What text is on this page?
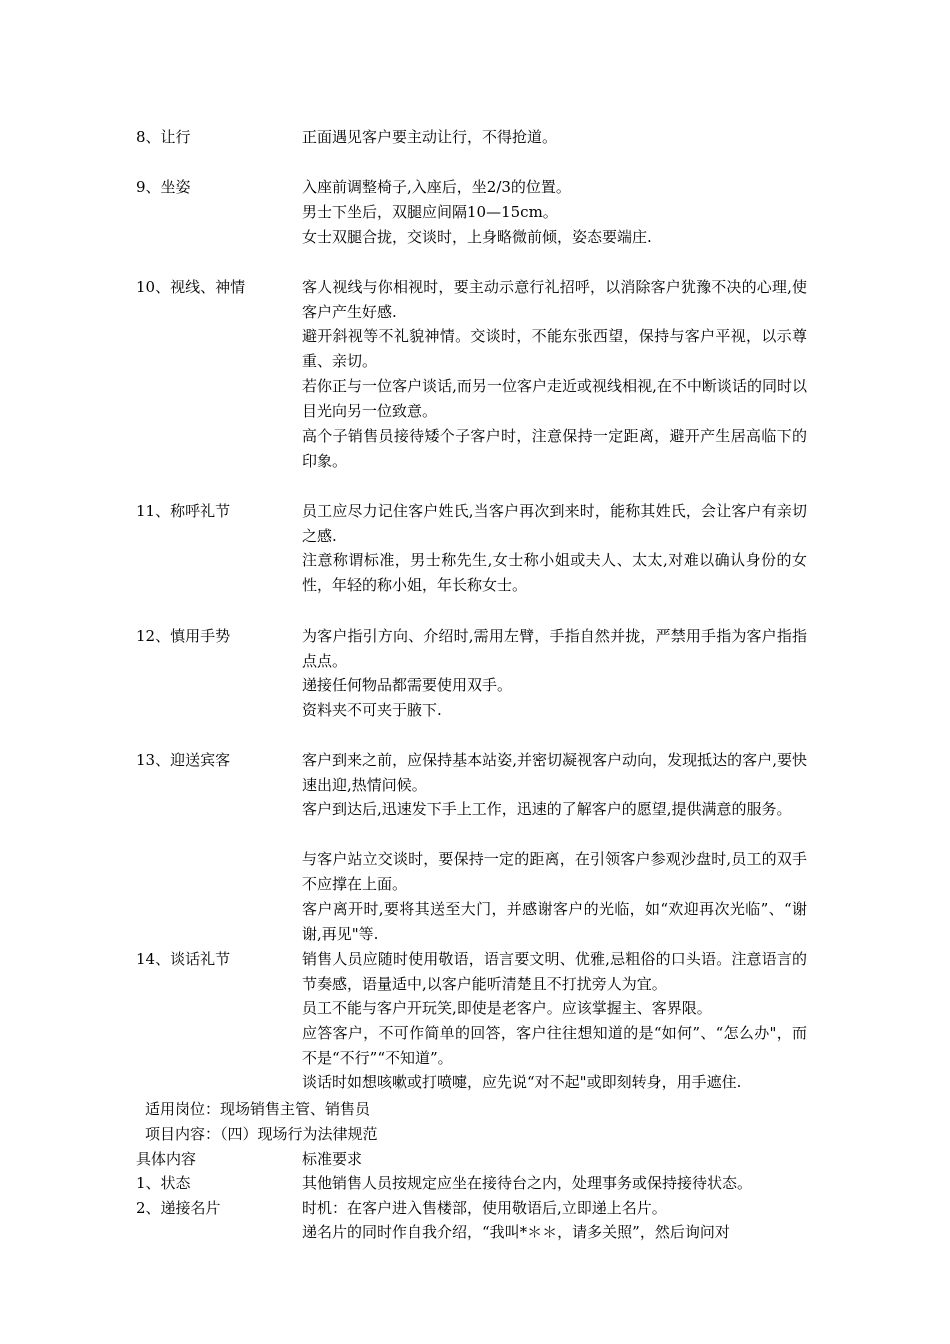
8、让行	正面遇见客户要主动让行，不得抢道。

9、坐姿	入座前调整椅子,入座后，坐2/3的位置。

男士下坐后，双腿应间隔10—15cm。

女士双腿合拢，交谈时，上身略微前倾，姿态要端庄.

10、视线、神情	客人视线与你相视时，要主动示意行礼招呼，以消除客户犹豫不决的心理,使客户产生好感.

避开斜视等不礼貌神情。交谈时，不能东张西望，保持与客户平视，以示尊重、亲切。

若你正与一位客户谈话,而另一位客户走近或视线相视,在不中断谈话的同时以目光向另一位致意。

高个子销售员接待矮个子客户时，注意保持一定距离，避开产生居高临下的印象。

11、称呼礼节	员工应尽力记住客户姓氏,当客户再次到来时，能称其姓氏，会让客户有亲切之感.

注意称谓标准，男士称先生,女士称小姐或夫人、太太,对难以确认身份的女性，年轻的称小姐，年长称女士。

12、慎用手势	为客户指引方向、介绍时,需用左臂，手指自然并拢，严禁用手指为客户指指点点。

递接任何物品都需要使用双手。

资料夹不可夹于腋下.

13、迎送宾客	客户到来之前，应保持基本站姿,并密切凝视客户动向，发现抵达的客户,要快速出迎,热情问候。

客户到达后,迅速发下手上工作，迅速的了解客户的愿望,提供满意的服务。

与客户站立交谈时，要保持一定的距离，在引领客户参观沙盘时,员工的双手不应撑在上面。

客户离开时,要将其送至大门，并感谢客户的光临，如“欢迎再次光临”、“谢谢,再见"等.

14、谈话礼节	销售人员应随时使用敬语，语言要文明、优雅,忌粗俗的口头语。注意语言的节奏感，语量适中,以客户能听清楚且不打扰旁人为宜。

员工不能与客户开玩笑,即使是老客户。应该掌握主、客界限。

应答客户，不可作简单的回答，客户往往想知道的是“如何”、“怎么办"，而不是“不行”“不知道”。

谈话时如想咳嗽或打喷嚏，应先说“对不起"或即刻转身，用手遮住.

适用岗位：现场销售主管、销售员
项目内容：（四）现场行为法律规范
具体内容	标准要求
1、状态	其他销售人员按规定应坐在接待台之内，处理事务或保持接待状态。
2、递接名片	时机：在客户进入售楼部，使用敬语后,立即递上名片。
递名片的同时作自我介绍，“我叫*＊＊，请多关照”，然后询问对
